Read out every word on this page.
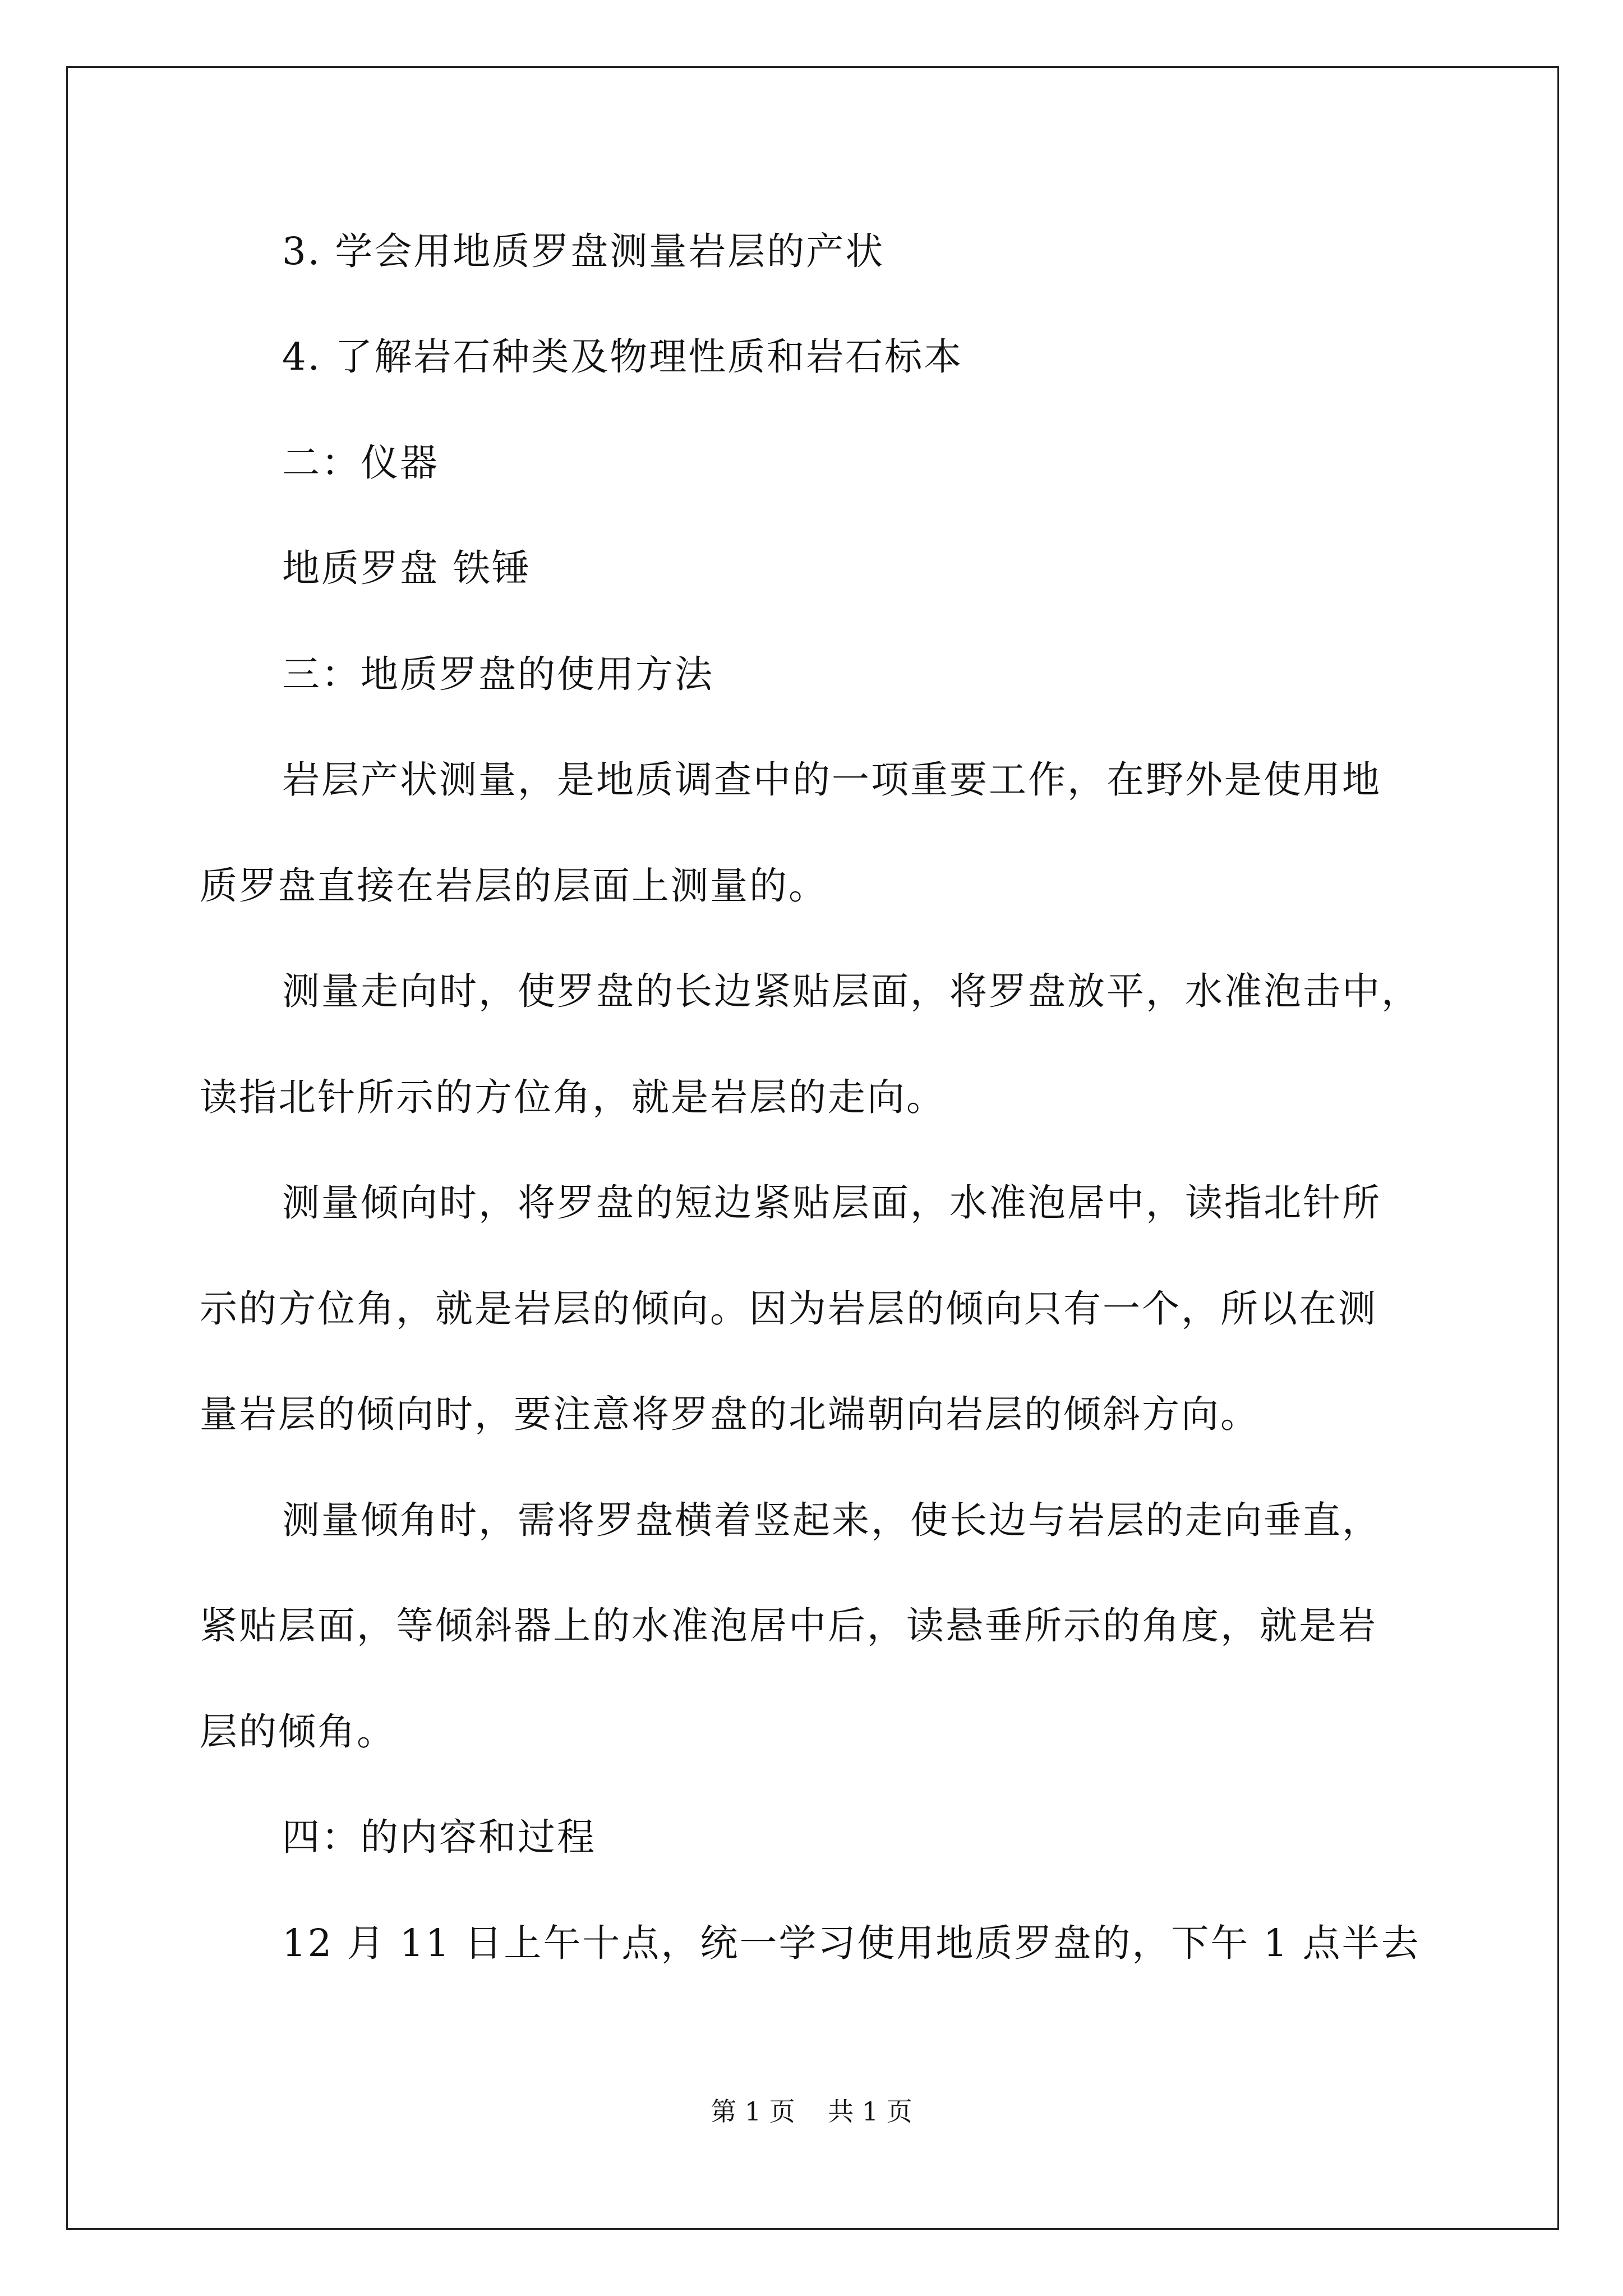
3. 学会用地质罗盘测量岩层的产状
4. 了解岩石种类及物理性质和岩石标本
二：仪器
地质罗盘 铁锤
三：地质罗盘的使用方法
岩层产状测量，是地质调查中的一项重要工作，在野外是使用地
质罗盘直接在岩层的层面上测量的。
测量走向时，使罗盘的长边紧贴层面，将罗盘放平，水准泡击中，
读指北针所示的方位角，就是岩层的走向。
测量倾向时，将罗盘的短边紧贴层面，水准泡居中，读指北针所
示的方位角，就是岩层的倾向。因为岩层的倾向只有一个，所以在测
量岩层的倾向时，要注意将罗盘的北端朝向岩层的倾斜方向。
测量倾角时，需将罗盘横着竖起来，使长边与岩层的走向垂直，
紧贴层面，等倾斜器上的水准泡居中后，读悬垂所示的角度，就是岩
层的倾角。
四：的内容和过程
12 月 11 日上午十点，统一学习使用地质罗盘的，下午 1 点半去
第 1 页    共 1 页
